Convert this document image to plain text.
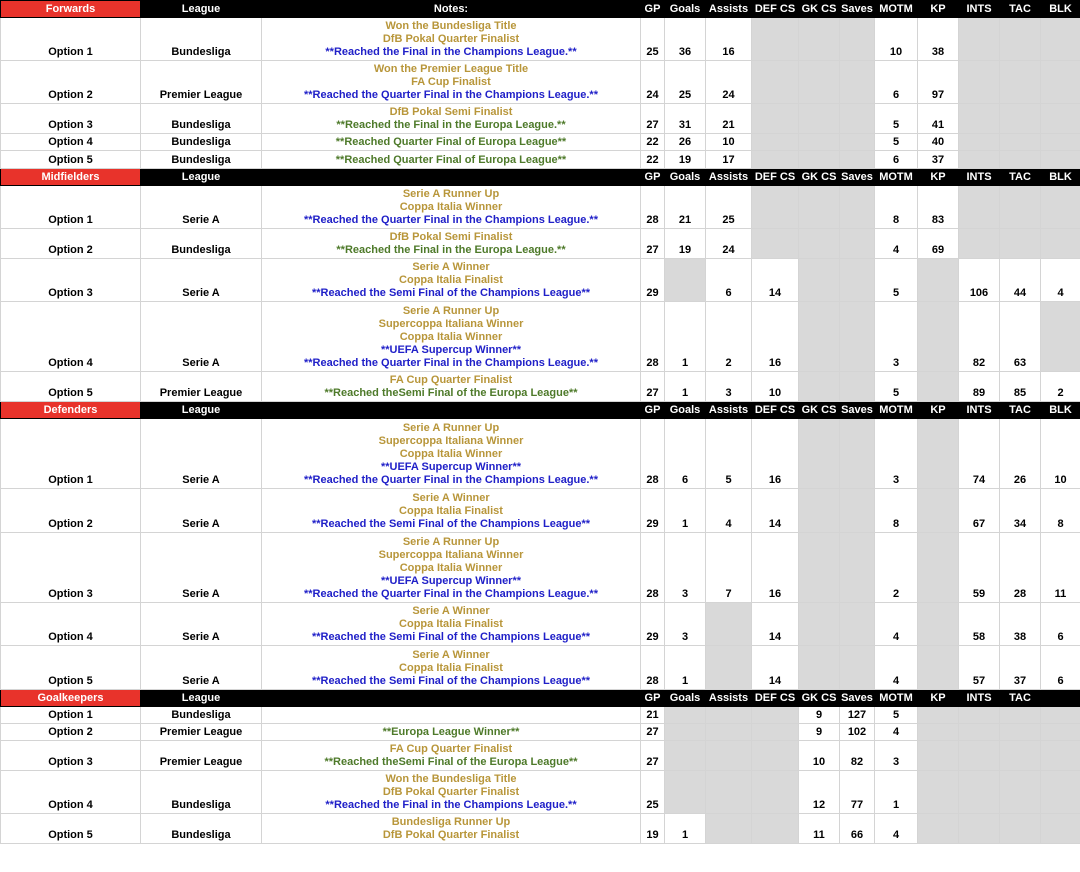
Forwards	League	Notes:	GP	Goals	Assists	DEF CS	GK CS	Saves	MOTM	KP	INTS	TAC	BLK
Option 1	Bundesliga	Won the Bundesliga Title
DfB Pokal Quarter Finalist
**Reached the Final in the Champions League.**	25	36	16				10	38			
Option 2	Premier League	Won the Premier League Title
FA Cup Finalist
**Reached the Quarter Final in the Champions League.**	24	25	24				6	97			
Option 3	Bundesliga	DfB Pokal Semi Finalist
**Reached the Final in the Europa League.**	27	31	21				5	41			
Option 4	Bundesliga	**Reached Quarter Final of Europa League**	22	26	10				5	40			
Option 5	Bundesliga	**Reached Quarter Final of Europa League**	22	19	17				6	37			
Midfielders	League		GP	Goals	Assists	DEF CS	GK CS	Saves	MOTM	KP	INTS	TAC	BLK
Option 1	Serie A	Serie A Runner Up
Coppa Italia Winner
**Reached the Quarter Final in the Champions League.**	28	21	25				8	83			
Option 2	Bundesliga	DfB Pokal Semi Finalist
**Reached the Final in the Europa League.**	27	19	24				4	69			
Option 3	Serie A	Serie A Winner
Coppa Italia Finalist
**Reached the Semi Final of the Champions League**	29		6	14			5		106	44	4
Option 4	Serie A	Serie A Runner Up
Supercoppa Italiana Winner
Coppa Italia Winner
**UEFA Supercup Winner**
**Reached the Quarter Final in the Champions League.**	28	1	2	16			3		82	63	
Option 5	Premier League	FA Cup Quarter Finalist
**Reached theSemi Final of the Europa League**	27	1	3	10			5		89	85	2
Defenders	League		GP	Goals	Assists	DEF CS	GK CS	Saves	MOTM	KP	INTS	TAC	BLK
Option 1	Serie A	Serie A Runner Up
Supercoppa Italiana Winner
Coppa Italia Winner
**UEFA Supercup Winner**
**Reached the Quarter Final in the Champions League.**	28	6	5	16			3		74	26	10
Option 2	Serie A	Serie A Winner
Coppa Italia Finalist
**Reached the Semi Final of the Champions League**	29	1	4	14			8		67	34	8
Option 3	Serie A	Serie A Runner Up
Supercoppa Italiana Winner
Coppa Italia Winner
**UEFA Supercup Winner**
**Reached the Quarter Final in the Champions League.**	28	3	7	16			2		59	28	11
Option 4	Serie A	Serie A Winner
Coppa Italia Finalist
**Reached the Semi Final of the Champions League**	29	3		14			4		58	38	6
Option 5	Serie A	Serie A Winner
Coppa Italia Finalist
**Reached the Semi Final of the Champions League**	28	1		14			4		57	37	6
Goalkeepers	League		GP	Goals	Assists	DEF CS	GK CS	Saves	MOTM	KP	INTS	TAC	
Option 1	Bundesliga		21				9	127	5				
Option 2	Premier League	**Europa League Winner**	27				9	102	4				
Option 3	Premier League	FA Cup Quarter Finalist
**Reached theSemi Final of the Europa League**	27				10	82	3				
Option 4	Bundesliga	Won the Bundesliga Title
DfB Pokal Quarter Finalist
**Reached the Final in the Champions League.**	25				12	77	1				
Option 5	Bundesliga	Bundesliga Runner Up
DfB Pokal Quarter Finalist	19	1			11	66	4				
